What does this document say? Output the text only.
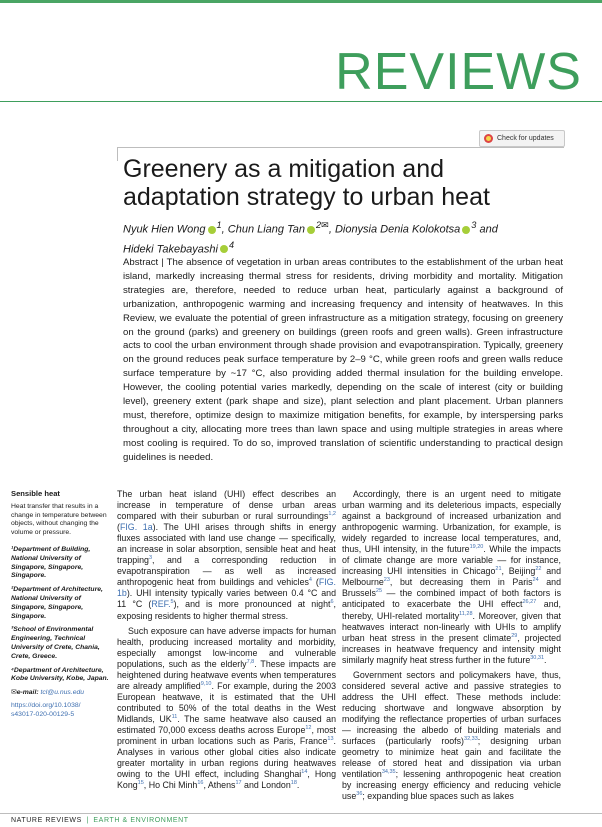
REVIEWS
Check for updates
Greenery as a mitigation and adaptation strategy to urban heat
Nyuk Hien Wong $^1$, Chun Liang Tan $^{2✉}$, Dionysia Denia Kolokotsa $^3$ and
Hideki Takebayashi $^4$

Abstract | The absence of vegetation in urban areas contributes to the establishment of the urban heat island, markedly increasing thermal stress for residents, driving morbidity and mortality. Mitigation strategies are, therefore, needed to reduce urban heat, particularly against a background of urbanization, anthropogenic warming and increasing frequency and intensity of heatwaves. In this Review, we evaluate the potential of green infrastructure as a mitigation strategy, focusing on greenery on the ground (parks) and greenery on buildings (green roofs and green walls). Green infrastructure acts to cool the urban environment through shade provision and evapotranspiration. Typically, greenery on the ground reduces peak surface temperature by 2–9 °C, while green roofs and green walls reduce surface temperature by ~17 °C, also providing added thermal insulation for the building envelope. However, the cooling potential varies markedly, depending on the scale of interest (city or building level), greenery extent (park shape and size), plant selection and plant placement. Urban planners must, therefore, optimize design to maximize mitigation benefits, for example, by interspersing parks throughout a city, allocating more trees than lawn space and using multiple strategies in areas where most cooling is required. To do so, improved translation of scientific understanding to practical design guidelines is needed.

Sensible heat
Heat transfer that results in a change in temperature between objects, without changing the volume or pressure.
¹Department of Building, National University of Singapore, Singapore, Singapore.
²Department of Architecture, National University of Singapore, Singapore, Singapore.
³School of Environmental Engineering, Technical University of Crete, Chania, Crete, Greece.
⁴Department of Architecture, Kobe University, Kobe, Japan.
✉e-mail: tcl@u.nus.edu
https://doi.org/10.1038/
s43017-020-00129-5

The urban heat island (UHI) effect describes an increase in temperature of dense urban areas compared with their suburban or rural surroundings$^{1,2}$ (FIG. 1a). The UHI arises through shifts in energy fluxes associated with land use change — specifically, an increase in solar absorption, sensible heat and heat trapping$^3$, and a corresponding reduction in evapotranspiration — as well as increased anthropogenic heat from buildings and vehicles$^4$ (FIG. 1b). UHI intensity typically varies between 0.4 °C and 11 °C (REF.$^5$), and is more pronounced at night$^6$, exposing residents to higher thermal stress.

Such exposure can have adverse impacts for human health, producing increased mortality and morbidity, especially amongst low-income and vulnerable populations, such as the elderly$^{7,8}$. These impacts are heightened during heatwave events when temperatures are already amplified$^{9,10}$. For example, during the 2003 European heatwave, it is estimated that the UHI contributed to 50% of the total deaths in the West Midlands, UK$^{11}$. The same heatwave also caused an estimated 70,000 excess deaths across Europe$^{12}$, most prominent in urban locations such as Paris, France$^{13}$. Analyses in various other global cities also indicate greater mortality in urban regions during heatwaves owing to the UHI effect, including Shanghai$^{14}$, Hong Kong$^{15}$, Ho Chi Minh$^{16}$, Athens$^{17}$ and London$^{18}$.

Accordingly, there is an urgent need to mitigate urban warming and its deleterious impacts, especially against a background of increased urbanization and anthropogenic warming. Urbanization, for example, is widely regarded to increase local temperatures, and, thus, UHI intensity, in the future$^{19,20}$. While the impacts of climate change are more variable — for instance, increasing UHI intensities in Chicago$^{21}$, Beijing$^{22}$ and Melbourne$^{23}$, but decreasing them in Paris$^{24}$ and Brussels$^{25}$ — the combined impact of both factors is anticipated to exacerbate the UHI effect$^{26,27}$ and, thereby, UHI-related mortality$^{11,28}$. Moreover, given that heatwaves interact non-linearly with UHIs to amplify urban heat stress in the present climate$^{29}$, projected increases in heatwave frequency and intensity might similarly magnify heat stress further in the future$^{30,31}$.

Government sectors and policymakers have, thus, considered several active and passive strategies to address the UHI effect. These methods include: reducing shortwave and longwave absorption by modifying the reflectance properties of urban surfaces — increasing the albedo of building materials and surfaces (particularly roofs)$^{32,33}$; designing urban geometry to minimize heat gain and facilitate the release of stored heat and dissipation via urban ventilation$^{34,35}$; lessening anthropogenic heat creation by increasing energy efficiency and reducing vehicle use$^{36}$; expanding blue spaces such as lakes

NATURE REVIEWS | EARTH & ENVIRONMENT
